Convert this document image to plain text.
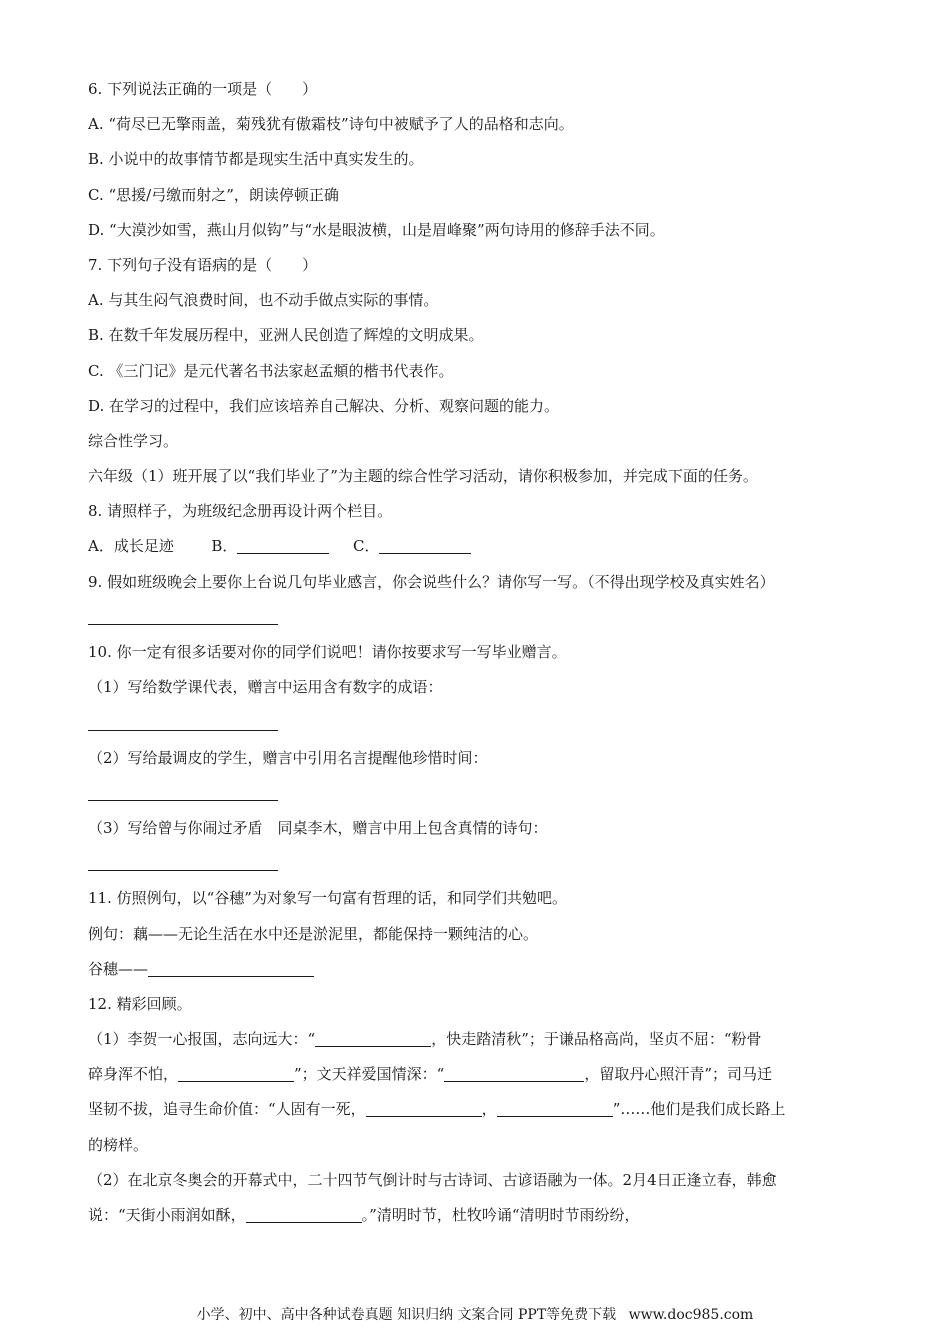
6. 下列说法正确的一项是（　　）
A. “荷尽已无擎雨盖，菊残犹有傲霜枝”诗句中被赋予了人的品格和志向。
B. 小说中的故事情节都是现实生活中真实发生的。
C. “思援/弓缴而射之”，朗读停顿正确
D. “大漠沙如雪，燕山月似钩”与“水是眼波横，山是眉峰聚”两句诗用的修辞手法不同。
7. 下列句子没有语病的是（　　）
A. 与其生闷气浪费时间，也不动手做点实际的事情。
B. 在数千年发展历程中，亚洲人民创造了辉煌的文明成果。
C. 《三门记》是元代著名书法家赵孟頫的楷书代表作。
D. 在学习的过程中，我们应该培养自己解决、分析、观察问题的能力。
综合性学习。
六年级（1）班开展了以“我们毕业了”为主题的综合性学习活动，请你积极参加，并完成下面的任务。
8. 请照样子，为班级纪念册再设计两个栏目。
A．成长足迹	B．	C．
9. 假如班级晚会上要你上台说几句毕业感言，你会说些什么？请你写一写。（不得出现学校及真实姓名）
10. 你一定有很多话要对你的同学们说吧！请你按要求写一写毕业赠言。
（1）写给数学课代表，赠言中运用含有数字的成语：
（2）写给最调皮的学生，赠言中引用名言提醒他珍惜时间：
（3）写给曾与你闹过矛盾　同桌李木，赠言中用上包含真情的诗句：
11. 仿照例句，以“谷穗”为对象写一句富有哲理的话，和同学们共勉吧。
例句：藕——无论生活在水中还是淤泥里，都能保持一颗纯洁的心。
谷穗——
12. 精彩回顾。
（1）李贺一心报国，志向远大：“	，快走踏清秋”；于谦品格高尚，坚贞不屈：“粉骨
碎身浑不怕，	”；文天祥爱国情深：“	，留取丹心照汗青”；司马迁
坚韧不拔，追寻生命价值：“人固有一死，	，	”……他们是我们成长路上
的榜样。
（2）在北京冬奥会的开幕式中，二十四节气倒计时与古诗词、古谚语融为一体。2月4日正逢立春，韩愈
说：“天街小雨润如酥，	。”清明时节，杜牧吟诵“清明时节雨纷纷，
小学、初中、高中各种试卷真题 知识归纳 文案合同 PPT等免费下载 www.doc985.com
